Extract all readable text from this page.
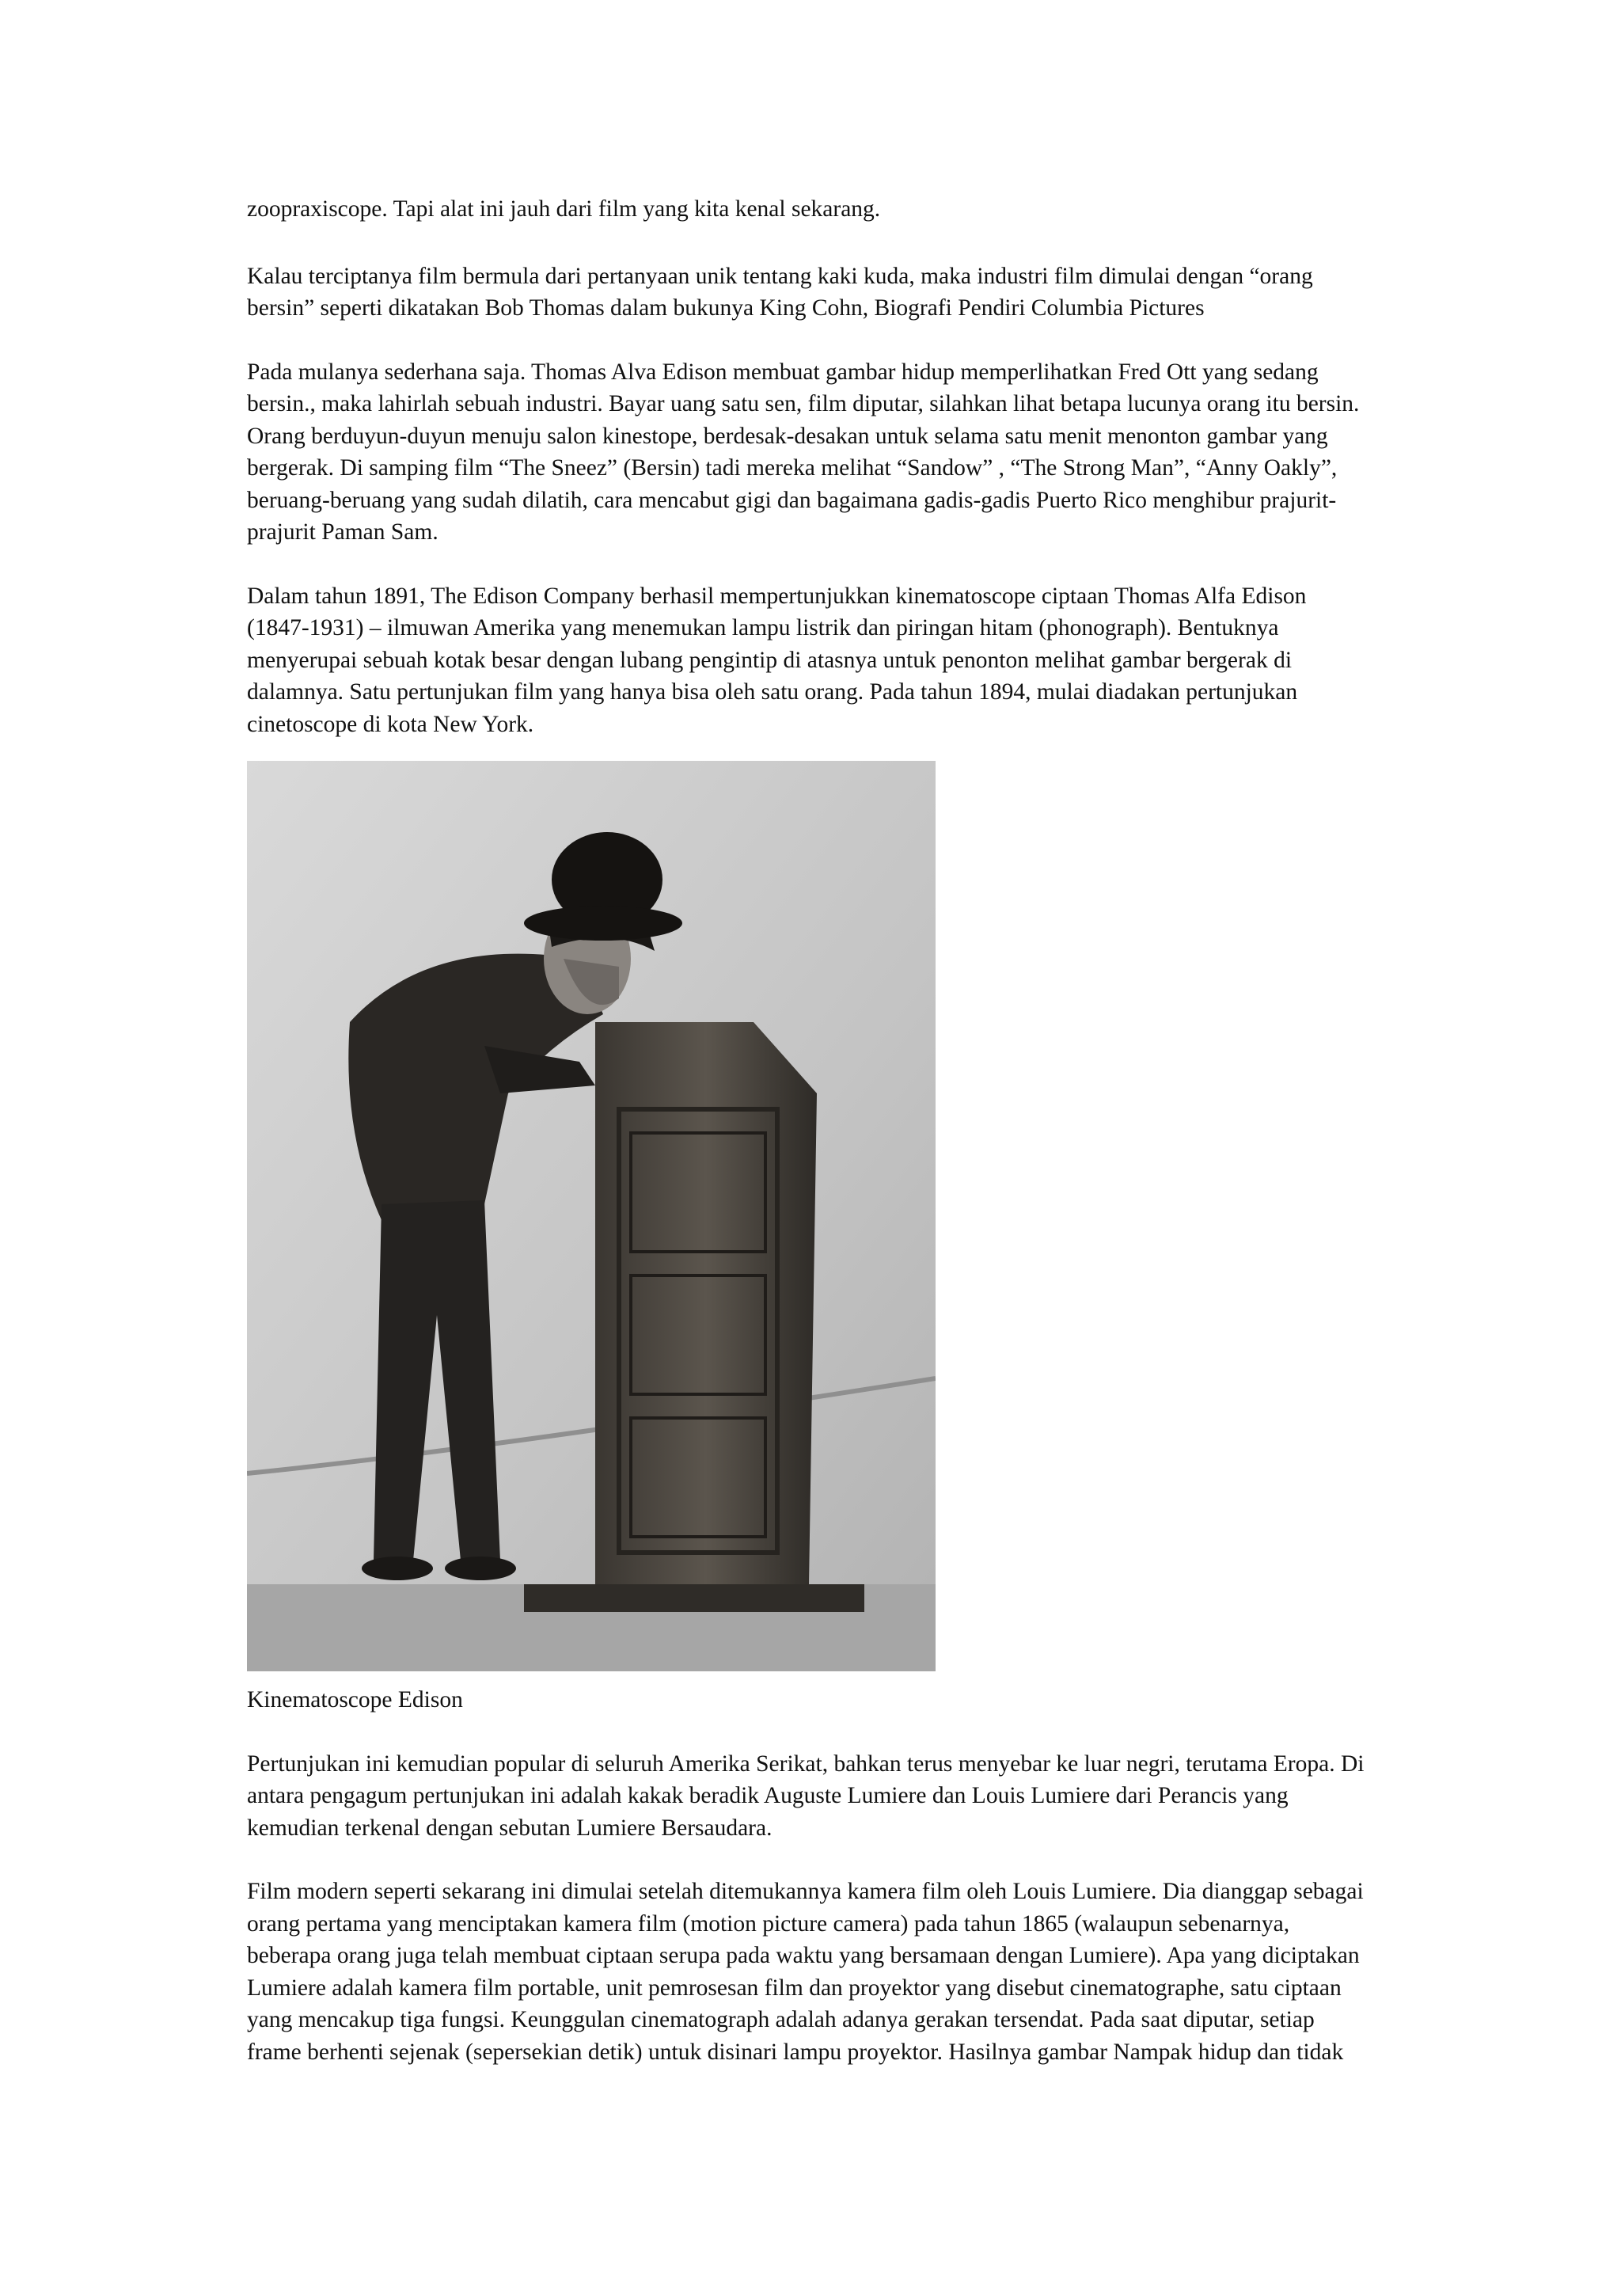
zoopraxiscope. Tapi alat ini jauh dari film yang kita kenal sekarang.

Kalau terciptanya film bermula dari pertanyaan unik tentang kaki kuda, maka industri film dimulai dengan “orang bersin” seperti dikatakan Bob Thomas dalam bukunya King Cohn, Biografi Pendiri Columbia Pictures

Pada mulanya sederhana saja. Thomas Alva Edison membuat gambar hidup memperlihatkan Fred Ott yang sedang bersin., maka lahirlah sebuah industri. Bayar uang satu sen, film diputar, silahkan lihat betapa lucunya orang itu bersin. Orang berduyun-duyun menuju salon kinestope, berdesak-desakan untuk selama satu menit menonton gambar yang bergerak. Di samping film “The Sneez” (Bersin) tadi mereka melihat “Sandow” , “The Strong Man”, “Anny Oakly”, beruang-beruang yang sudah dilatih, cara mencabut gigi dan bagaimana gadis-gadis Puerto Rico menghibur prajurit-prajurit Paman Sam.

Dalam tahun 1891, The Edison Company berhasil mempertunjukkan kinematoscope ciptaan Thomas Alfa Edison (1847-1931) – ilmuwan Amerika yang menemukan lampu listrik dan piringan hitam (phonograph). Bentuknya menyerupai sebuah kotak besar dengan lubang pengintip di atasnya untuk penonton melihat gambar bergerak di dalamnya. Satu pertunjukan film yang hanya bisa oleh satu orang. Pada tahun 1894, mulai diadakan pertunjukan cinetoscope di kota New York.

Kinematoscope Edison

Pertunjukan ini kemudian popular di seluruh Amerika Serikat, bahkan terus menyebar ke luar negri, terutama Eropa. Di antara pengagum pertunjukan ini adalah kakak beradik Auguste Lumiere dan Louis Lumiere dari Perancis yang kemudian terkenal dengan sebutan Lumiere Bersaudara.

Film modern seperti sekarang ini dimulai setelah ditemukannya kamera film oleh Louis Lumiere. Dia dianggap sebagai orang pertama yang menciptakan kamera film (motion picture camera) pada tahun 1865 (walaupun sebenarnya, beberapa orang juga telah membuat ciptaan serupa pada waktu yang bersamaan dengan Lumiere). Apa yang diciptakan Lumiere adalah kamera film portable, unit pemrosesan film dan proyektor yang disebut cinematographe, satu ciptaan yang mencakup tiga fungsi. Keunggulan cinematograph adalah adanya gerakan tersendat. Pada saat diputar, setiap frame berhenti sejenak (sepersekian detik) untuk disinari lampu proyektor. Hasilnya gambar Nampak hidup dan tidak
